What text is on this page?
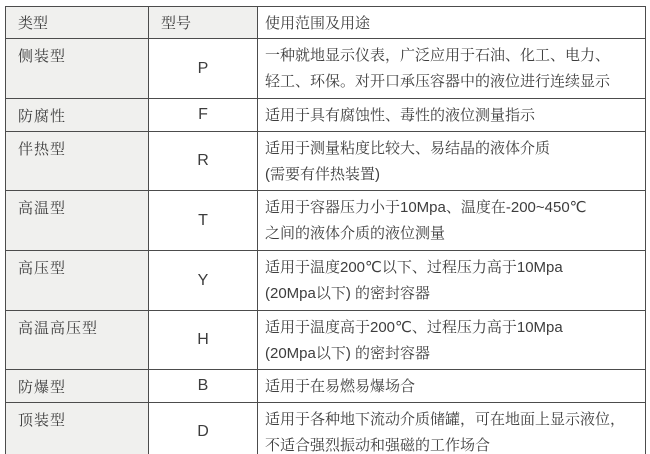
类型	型号	使用范围及用途
侧装型	P	一种就地显示仪表，广泛应用于石油、化工、电力、
轻工、环保。对开口承压容器中的液位进行连续显示

防腐性	F	适用于具有腐蚀性、毒性的液位测量指示

伴热型	R	适用于测量粘度比较大、易结晶的液体介质
(需要有伴热装置)

高温型	T	适用于容器压力小于10Mpa、温度在-200~450℃
之间的液体介质的液位测量

高压型	Y	适用于温度200℃以下、过程压力高于10Mpa
(20Mpa以下) 的密封容器

高温高压型	H	适用于温度高于200℃、过程压力高于10Mpa
(20Mpa以下) 的密封容器

防爆型	B	适用于在易燃易爆场合

顶装型	D	适用于各种地下流动介质储罐，可在地面上显示液位，
不适合强烈振动和强磁的工作场合
